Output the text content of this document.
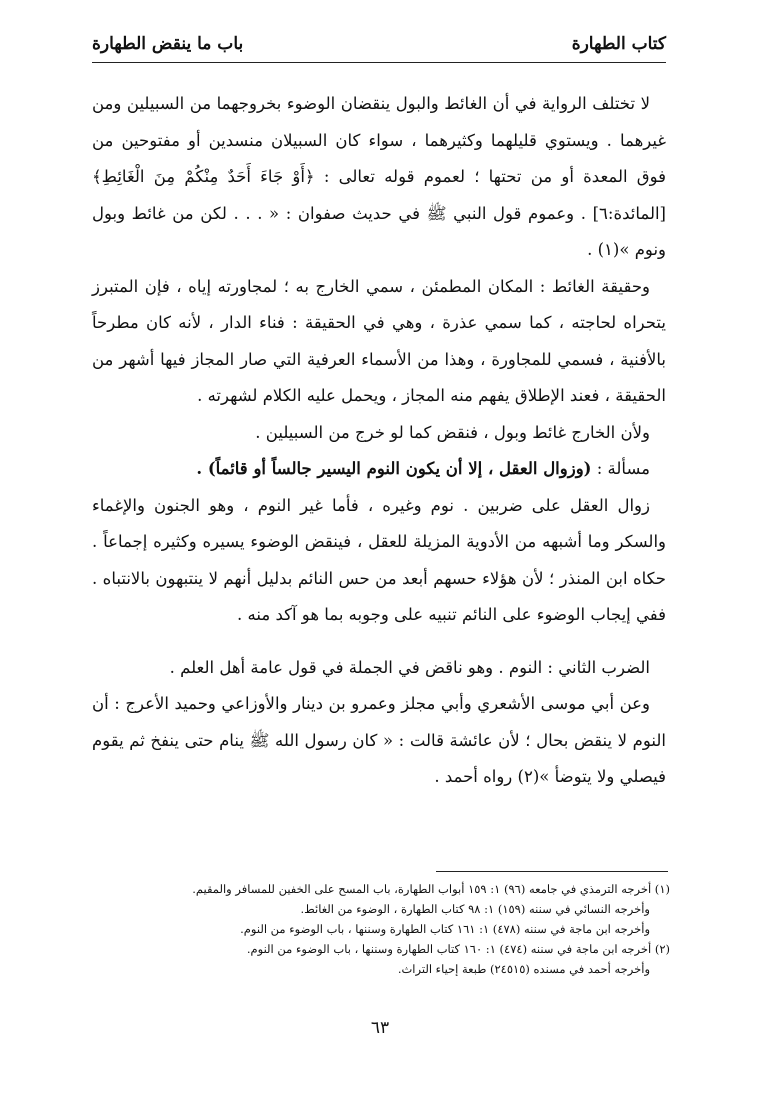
كتاب الطهارة
باب ما ينقض الطهارة

لا تختلف الرواية في أن الغائط والبول ينقضان الوضوء بخروجهما من السبيلين ومن غيرهما . ويستوي قليلهما وكثيرهما ، سواء كان السبيلان منسدين أو مفتوحين من فوق المعدة أو من تحتها ؛ لعموم قوله تعالى : ﴿أَوْ جَاءَ أَحَدٌ مِنْكُمْ مِنَ الْغَائِطِ﴾ [المائدة:٦] . وعموم قول النبي ﷺ في حديث صفوان : « . . . لكن من غائط وبول ونوم »(١) .

وحقيقة الغائط : المكان المطمئن ، سمي الخارج به ؛ لمجاورته إياه ، فإن المتبرز يتحراه لحاجته ، كما سمي عذرة ، وهي في الحقيقة : فناء الدار ، لأنه كان مطرحاً بالأفنية ، فسمي للمجاورة ، وهذا من الأسماء العرفية التي صار المجاز فيها أشهر من الحقيقة ، فعند الإطلاق يفهم منه المجاز ، ويحمل عليه الكلام لشهرته .

ولأن الخارج غائط وبول ، فنقض كما لو خرج من السبيلين .

مسألة : (وزوال العقل ، إلا أن يكون النوم اليسير جالساً أو قائماً) .

زوال العقل على ضربين . نوم وغيره ، فأما غير النوم ، وهو الجنون والإغماء والسكر وما أشبهه من الأدوية المزيلة للعقل ، فينقض الوضوء يسيره وكثيره إجماعاً . حكاه ابن المنذر ؛ لأن هؤلاء حسهم أبعد من حس النائم بدليل أنهم لا ينتبهون بالانتباه . ففي إيجاب الوضوء على النائم تنبيه على وجوبه بما هو آكد منه .

الضرب الثاني : النوم . وهو ناقض في الجملة في قول عامة أهل العلم .

وعن أبي موسى الأشعري وأبي مجلز وعمرو بن دينار والأوزاعي وحميد الأعرج : أن النوم لا ينقض بحال ؛ لأن عائشة قالت : « كان رسول الله ﷺ ينام حتى ينفخ ثم يقوم فيصلي ولا يتوضأ »(٢) رواه أحمد .

(١) أخرجه الترمذي في جامعه (٩٦) ١: ١٥٩ أبواب الطهارة، باب المسح على الخفين للمسافر والمقيم.

وأخرجه النسائي في سننه (١٥٩) ١: ٩٨ كتاب الطهارة ، الوضوء من الغائط.

وأخرجه ابن ماجة في سننه (٤٧٨) ١: ١٦١ كتاب الطهارة وسننها ، باب الوضوء من النوم.

(٢) أخرجه ابن ماجة في سننه (٤٧٤) ١: ١٦٠ كتاب الطهارة وسننها ، باب الوضوء من النوم.

وأخرجه أحمد في مسنده (٢٤٥١٥) طبعة إحياء التراث.

٦٣
